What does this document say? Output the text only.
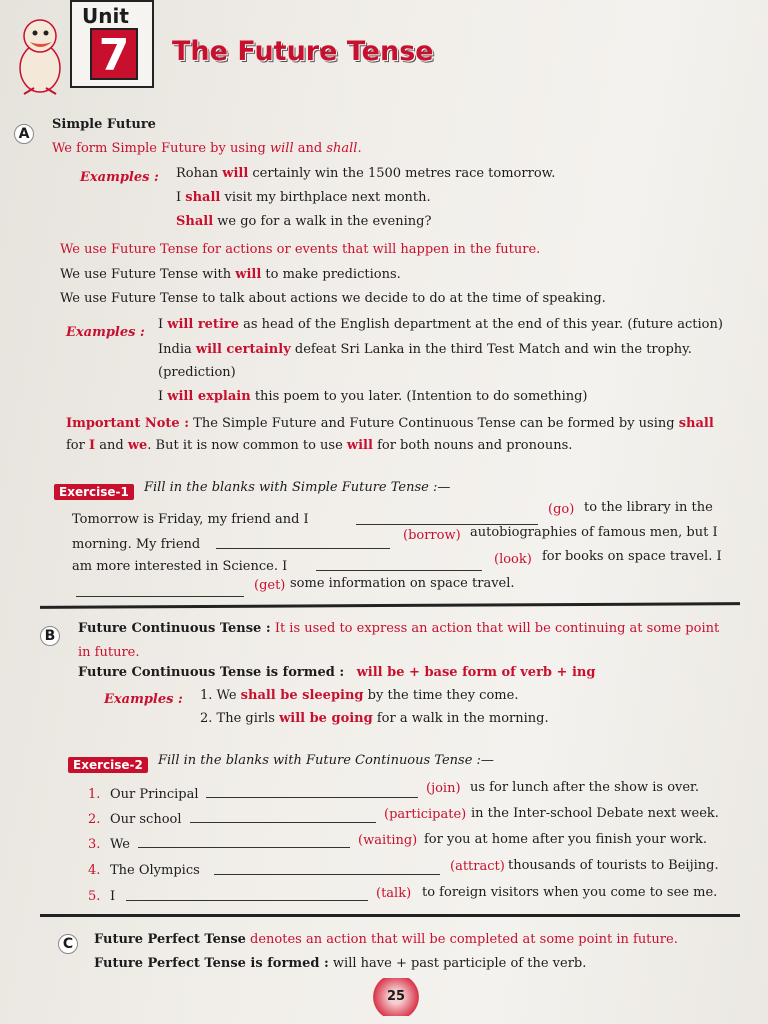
Unit
7	The Future Tense
A
Simple Future
We form Simple Future by using will and shall.
Examples : Rohan will certainly win the 1500 metres race tomorrow.
I shall visit my birthplace next month.
Shall we go for a walk in the evening?
We use Future Tense for actions or events that will happen in the future.
We use Future Tense with will to make predictions.
We use Future Tense to talk about actions we decide to do at the time of speaking.
Examples :
I will retire as head of the English department at the end of this year. (future action)
India will certainly defeat Sri Lanka in the third Test Match and win the trophy.
(prediction)
I will explain this poem to you later. (Intention to do something)
Important Note : The Simple Future and Future Continuous Tense can be formed by using shall
for I and we. But it is now common to use will for both nouns and pronouns.
Exercise-1	Fill in the blanks with Simple Future Tense :—
Tomorrow is Friday, my friend and I
(go) to the library in the
morning. My friend
(borrow) autobiographies of famous men, but I
am more interested in Science. I	(look) for books on space travel. I
(get) some information on space travel.
B	Future Continuous Tense : It is used to express an action that will be continuing at some point
in future.
Future Continuous Tense is formed : will be + base form of verb + ing
Examples : 1. We shall be sleeping by the time they come.
2. The girls will be going for a walk in the morning.
Exercise-2	Fill in the blanks with Future Continuous Tense :—
1. Our Principal	(join) us for lunch after the show is over.
2. Our school	(participate) in the Inter-school Debate next week.
3. We	(waiting) for you at home after you finish your work.
4. The Olympics	(attract) thousands of tourists to Beijing.
5. I	(talk) to foreign visitors when you come to see me.
C	Future Perfect Tense denotes an action that will be completed at some point in future.
Future Perfect Tense is formed : will have + past participle of the verb.
25
